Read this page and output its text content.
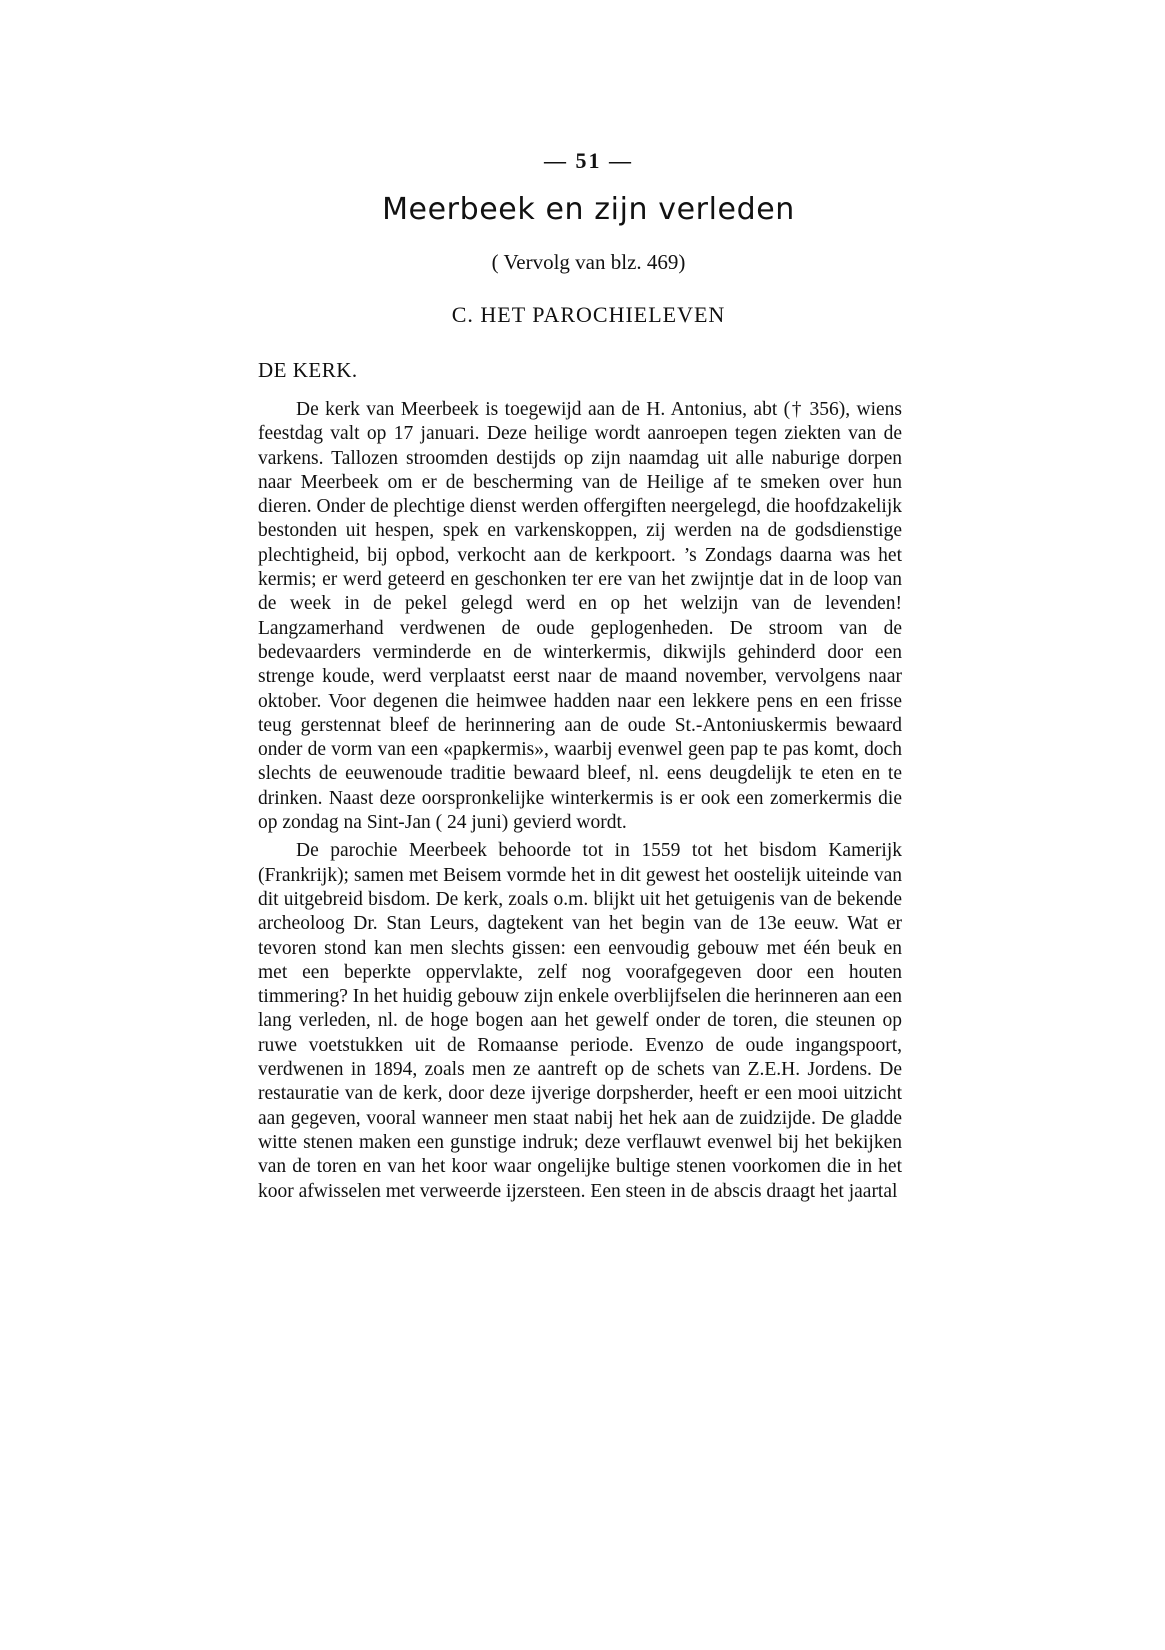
— 51 —
Meerbeek en zijn verleden
( Vervolg van blz. 469)
C. HET PAROCHIELEVEN
DE KERK.

De kerk van Meerbeek is toegewijd aan de H. Antonius, abt († 356), wiens feestdag valt op 17 januari. Deze heilige wordt aanroepen tegen ziekten van de varkens. Tallozen stroomden destijds op zijn naamdag uit alle naburige dorpen naar Meerbeek om er de bescherming van de Heilige af te smeken over hun dieren. Onder de plechtige dienst werden offergiften neergelegd, die hoofdzakelijk bestonden uit hespen, spek en varkenskoppen, zij werden na de godsdienstige plechtigheid, bij opbod, verkocht aan de kerkpoort. ’s Zondags daarna was het kermis; er werd geteerd en geschonken ter ere van het zwijntje dat in de loop van de week in de pekel gelegd werd en op het welzijn van de levenden! Langzamerhand verdwenen de oude geplogenheden. De stroom van de bedevaarders verminderde en de winterkermis, dikwijls gehinderd door een strenge koude, werd verplaatst eerst naar de maand november, vervolgens naar oktober. Voor degenen die heimwee hadden naar een lekkere pens en een frisse teug gerstennat bleef de herinnering aan de oude St.-Antoniuskermis bewaard onder de vorm van een «papkermis», waarbij evenwel geen pap te pas komt, doch slechts de eeuwenoude traditie bewaard bleef, nl. eens deugdelijk te eten en te drinken. Naast deze oorspronkelijke winterkermis is er ook een zomerkermis die op zondag na Sint-Jan ( 24 juni) gevierd wordt.

De parochie Meerbeek behoorde tot in 1559 tot het bisdom Kamerijk (Frankrijk); samen met Beisem vormde het in dit gewest het oostelijk uiteinde van dit uitgebreid bisdom. De kerk, zoals o.m. blijkt uit het getuigenis van de bekende archeoloog Dr. Stan Leurs, dagtekent van het begin van de 13e eeuw. Wat er tevoren stond kan men slechts gissen: een eenvoudig gebouw met één beuk en met een beperkte oppervlakte, zelf nog voorafgegeven door een houten timmering? In het huidig gebouw zijn enkele overblijfselen die herinneren aan een lang verleden, nl. de hoge bogen aan het gewelf onder de toren, die steunen op ruwe voetstukken uit de Romaanse periode. Evenzo de oude ingangspoort, verdwenen in 1894, zoals men ze aantreft op de schets van Z.E.H. Jordens. De restauratie van de kerk, door deze ijverige dorpsherder, heeft er een mooi uitzicht aan gegeven, vooral wanneer men staat nabij het hek aan de zuidzijde. De gladde witte stenen maken een gunstige indruk; deze verflauwt evenwel bij het bekijken van de toren en van het koor waar ongelijke bultige stenen voorkomen die in het koor afwisselen met verweerde ijzersteen. Een steen in de abscis draagt het jaartal
